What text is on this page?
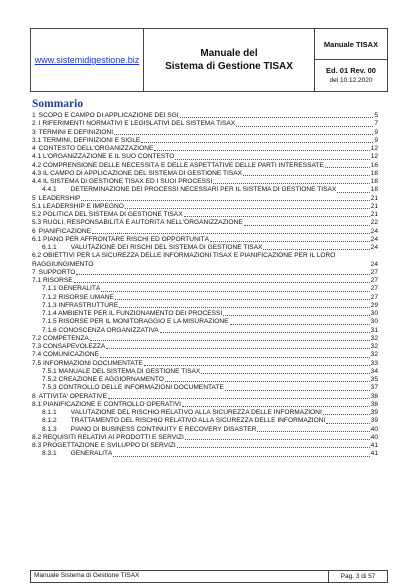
www.sistemidigestione.biz
Manuale del
Sistema di Gestione TISAX
Manuale TISAX
Ed. 01 Rev. 00
del 10.12.2020
Sommario
1 SCOPO E CAMPO DI APPLICAZIONE DEI SGI	5
2 I RIFERIMENTI NORMATIVI E LEGISLATIVI DEL SISTEMA TISAX	7
3 TERMINI E DEFINIZIONI	9
3.1 TERMINI, DEFINIZIONI E SIGLE	9
4 CONTESTO DELL'ORGANIZZAZIONE	12
4.1 L'ORGANIZZAZIONE E IL SUO CONTESTO	12
4.2 COMPRENSIONE DELLE NECESSITÀ E DELLE ASPETTATIVE DELLE PARTI INTERESSATE	16
4.3 IL CAMPO DI APPLICAZIONE DEL SISTEMA DI GESTIONE TISAX	18
4.4 IL SISTEMA DI GESTIONE TISAX ED I SUOI PROCESSI	18
4.4.1 DETERMINAZIONE DEI PROCESSI NECESSARI PER IL SISTEMA DI GESTIONE TISAX	18
5 LEADERSHIP	21
5.1 LEADERSHIP E IMPEGNO	21
5.2 POLITICA DEL SISTEMA DI GESTIONE TISAX	21
5.3 RUOLI, RESPONSABILITÀ E AUTORITÀ NELL'ORGANIZZAZIONE	22
6 PIANIFICAZIONE	24
6.1 PIANO PER AFFRONTARE RISCHI ED OPPORTUNITÀ	24
6.1.1 VALUTAZIONE DEI RISCHI DEL SISTEMA DI GESTIONE TISAX	24
6.2 OBIETTIVI PER LA SICUREZZA DELLE INFORMAZIONI TISAX E PIANIFICAZIONE PER IL LORO RAGGIUNGIMENTO	24
7 SUPPORTO	27
7.1 RISORSE	27
7.1.1 GENERALITÀ	27
7.1.2 RISORSE UMANE	27
7.1.3 INFRASTRUTTURE	29
7.1.4 AMBIENTE PER IL FUNZIONAMENTO DEI PROCESSI	30
7.1.5 RISORSE PER IL MONITORAGGIO E LA MISURAZIONE	30
7.1.6 CONOSCENZA ORGANIZZATIVA	31
7.2 COMPETENZA	32
7.3 CONSAPEVOLEZZA	32
7.4 COMUNICAZIONE	32
7.5 INFORMAZIONI DOCUMENTATE	33
7.5.1 MANUALE DEL SISTEMA DI GESTIONE TISAX	34
7.5.2 CREAZIONE E AGGIORNAMENTO	35
7.5.3 CONTROLLO DELLE INFORMAZIONI DOCUMENTATE	37
8 ATTIVITA' OPERATIVE	38
8.1 PIANIFICAZIONE E CONTROLLO OPERATIVI	38
8.1.1 VALUTAZIONE DEL RISCHIO RELATIVO ALLA SICUREZZA DELLE INFORMAZIONI	39
8.1.2 TRATTAMENTO DEL RISCHIO RELATIVO ALLA SICUREZZA DELLE INFORMAZIONI	39
8.1.3 PIANO DI BUSINESS CONTINUITY E RECOVERY DISASTER	40
8.2 REQUISITI RELATIVI AI PRODOTTI E SERVIZI	40
8.3 PROGETTAZIONE E SVILUPPO DI SERVIZI	41
8.3.1 GENERALITÀ	41
Manuale Sistema di Gestione TISAX	Pag. 3 di 57
